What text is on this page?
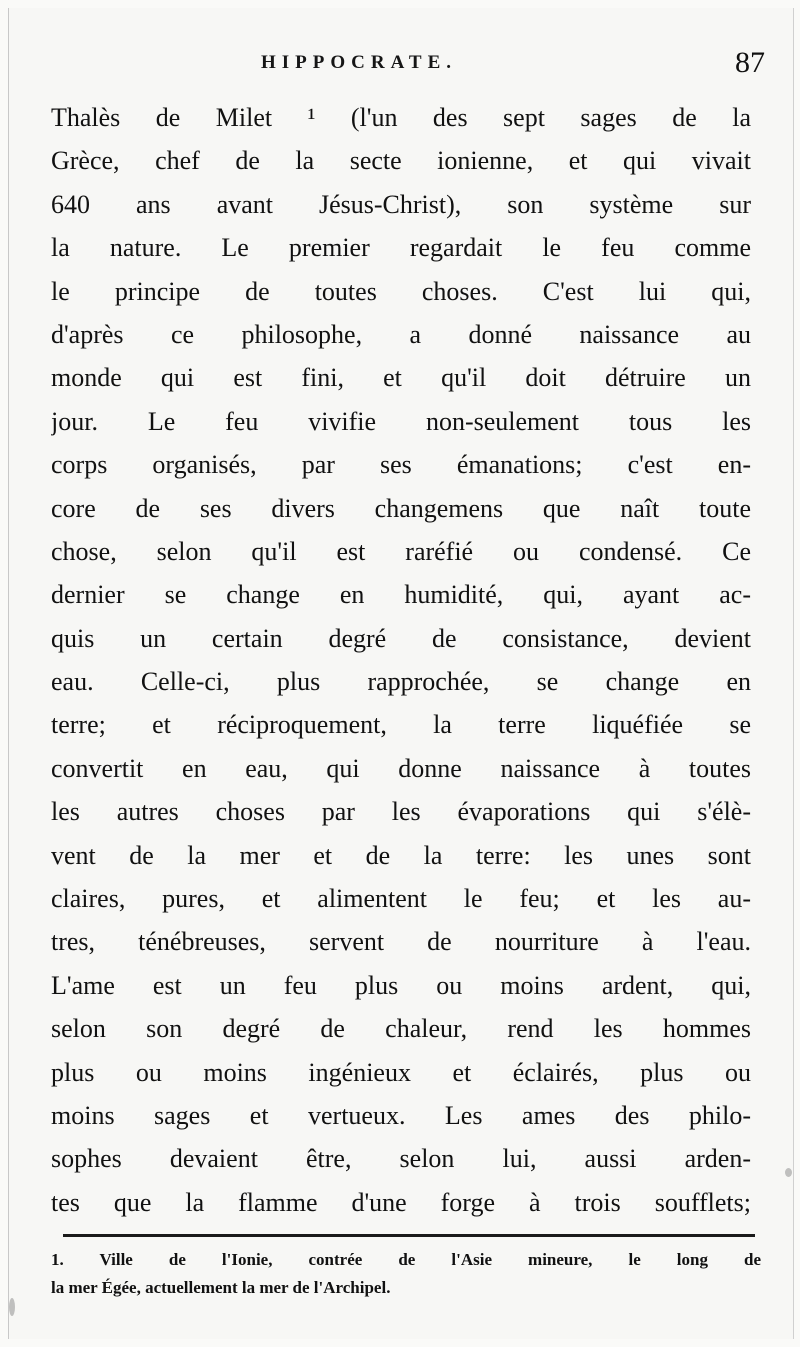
HIPPOCRATE.	87
Thalès de Milet ¹ (l'un des sept sages de la
Grèce, chef de la secte ionienne, et qui vivait
640 ans avant Jésus-Christ), son système sur
la nature. Le premier regardait le feu comme
le principe de toutes choses. C'est lui qui,
d'après ce philosophe, a donné naissance au
monde qui est fini, et qu'il doit détruire un
jour. Le feu vivifie non-seulement tous les
corps organisés, par ses émanations; c'est en-
core de ses divers changemens que naît toute
chose, selon qu'il est raréfié ou condensé. Ce
dernier se change en humidité, qui, ayant ac-
quis un certain degré de consistance, devient
eau. Celle-ci, plus rapprochée, se change en
terre; et réciproquement, la terre liquéfiée se
convertit en eau, qui donne naissance à toutes
les autres choses par les évaporations qui s'élè-
vent de la mer et de la terre: les unes sont
claires, pures, et alimentent le feu; et les au-
tres, ténébreuses, servent de nourriture à l'eau.
L'ame est un feu plus ou moins ardent, qui,
selon son degré de chaleur, rend les hommes
plus ou moins ingénieux et éclairés, plus ou
moins sages et vertueux. Les ames des philo-
sophes devaient être, selon lui, aussi arden-
tes que la flamme d'une forge à trois soufflets;
1. Ville de l'Ionie, contrée de l'Asie mineure, le long de
la mer Égée, actuellement la mer de l'Archipel.
